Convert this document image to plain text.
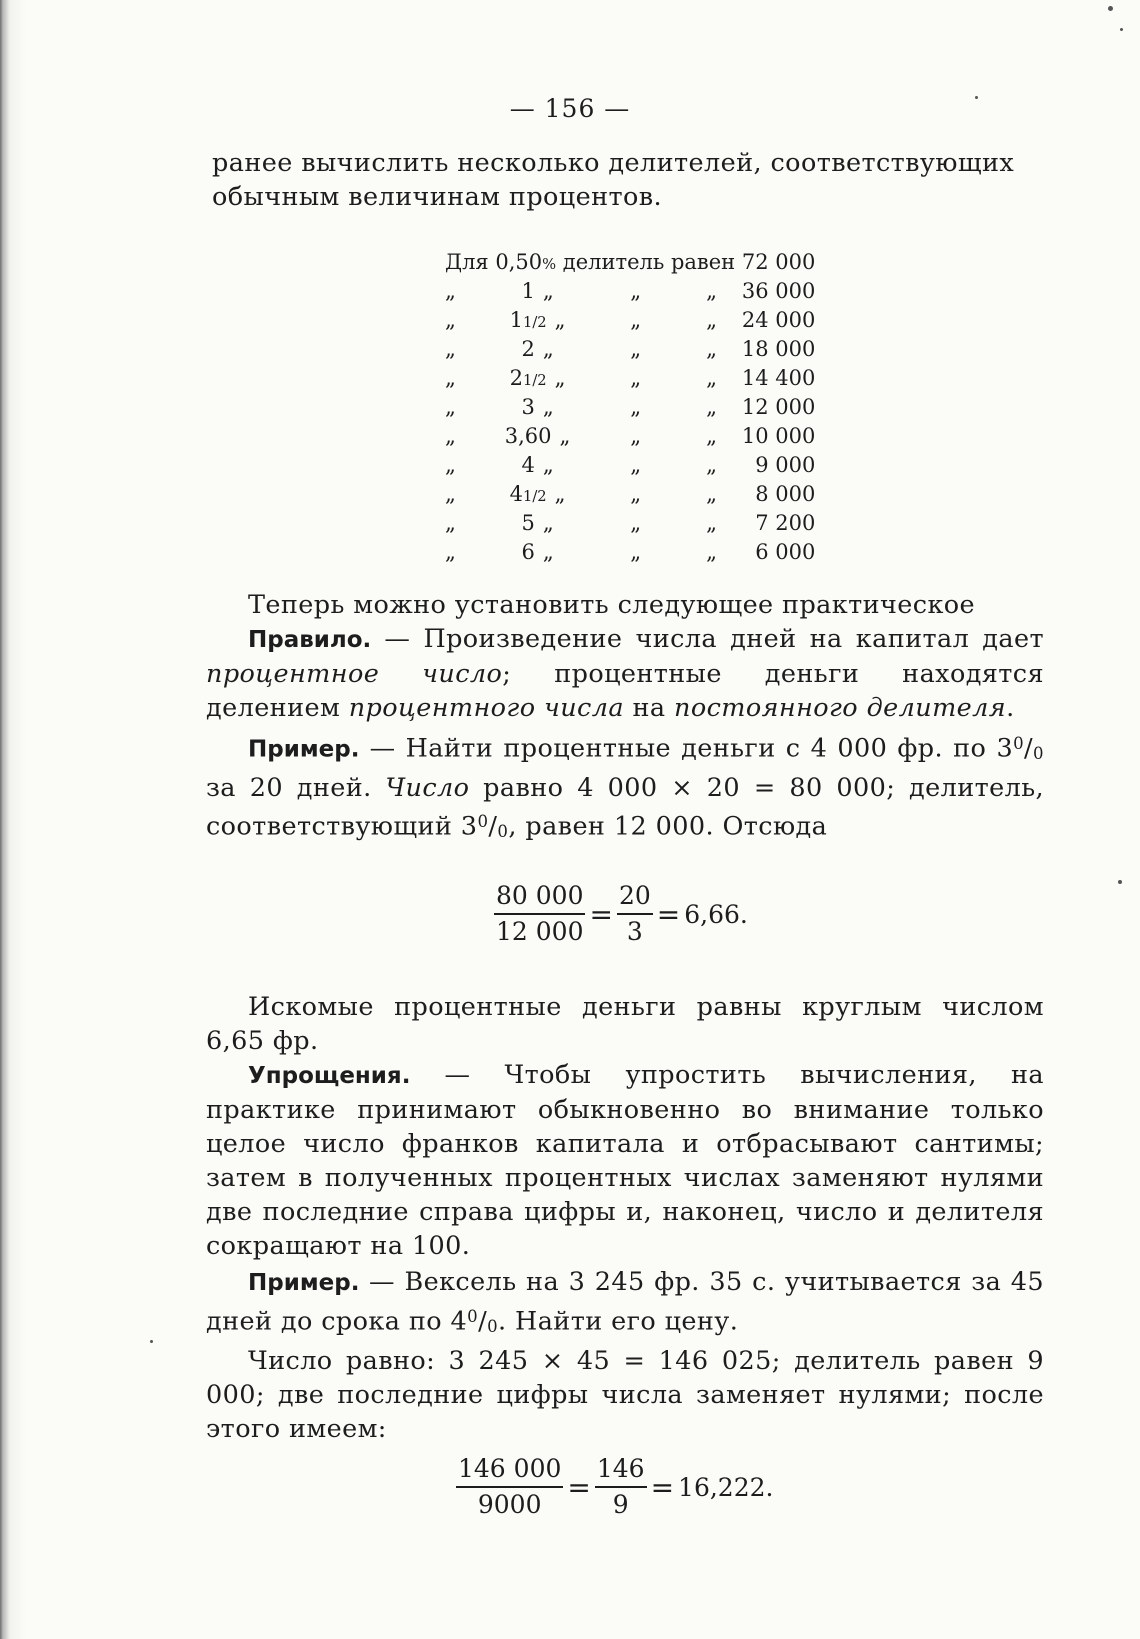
— 156 —

ранее вычислить несколько делителей, соответствующих

обычным величинам процентов.

Для 0,50% делитель равен 72 000				
„	1 „	„	„	36 000
„	11/2 „	„	„	24 000
„	2 „	„	„	18 000
„	21/2 „	„	„	14 400
„	3 „	„	„	12 000
„	3,60 „	„	„	10 000
„	4 „	„	„	9 000
„	41/2 „	„	„	8 000
„	5 „	„	„	7 200
„	6 „	„	„	6 000

Теперь можно установить следующее практическое

Правило. — Произведение числа дней на капитал дает процентное число; процентные деньги находятся делением процентного числа на постоянного делителя.

Пример. — Найти процентные деньги с 4 000 фр. по $3^0/0$ за 20 дней. Число равно 4 000 × 20 = 80 000; делитель, соответствующий $3^0/0$, равен 12 000. Отсюда

$\frac{80 000}{12 000} = \frac{20}{3} = 6,66$.

Искомые процентные деньги равны круглым числом 6,65 фр.

Упрощения. — Чтобы упростить вычисления, на практике принимают обыкновенно во внимание только целое число франков капитала и отбрасывают сантимы; затем в полученных процентных числах заменяют нулями две последние справа цифры и, наконец, число и делителя сокращают на 100.

Пример. — Вексель на 3 245 фр. 35 с. учитывается за 45 дней до срока по $4^0/0$. Найти его цену.

Число равно: 3 245 × 45 = 146 025; делитель равен 9 000; две последние цифры числа заменяет нулями; после этого имеем:

$\frac{146 000}{9000} = \frac{146}{9} = 16,222$.
